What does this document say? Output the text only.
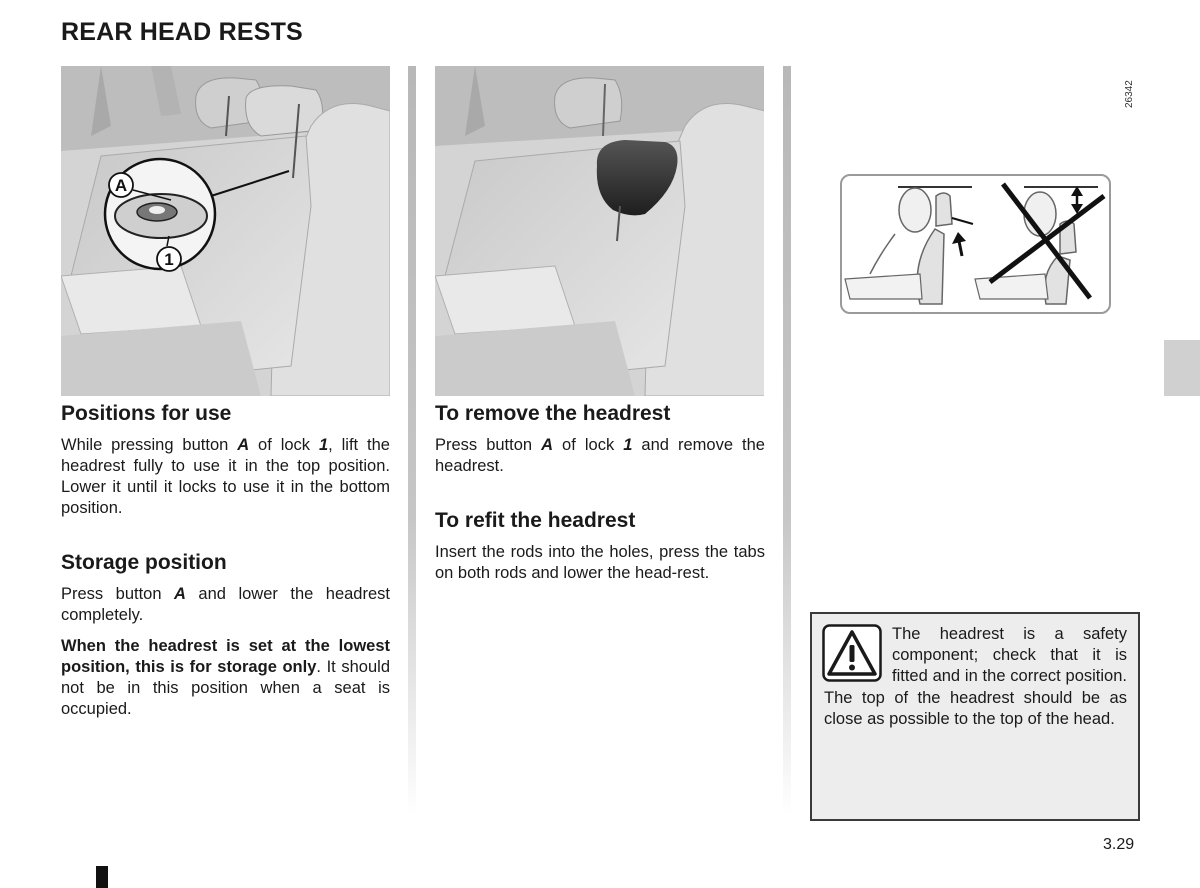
REAR HEAD RESTS
26342
A
1
Positions for use

While pressing button A of lock 1, lift the headrest fully to use it in the top position. Lower it until it locks to use it in the bottom position.

Storage position

Press button A and lower the headrest completely.

When the headrest is set at the lowest position, this is for storage only. It should not be in this position when a seat is occupied.

To remove the headrest

Press button A of lock 1 and remove the headrest.

To refit the headrest

Insert the rods into the holes, press the tabs on both rods and lower the head-rest.

The headrest is a safety component; check that it is fitted and in the correct position. The top of the headrest should be as close as possible to the top of the head.

3.29
